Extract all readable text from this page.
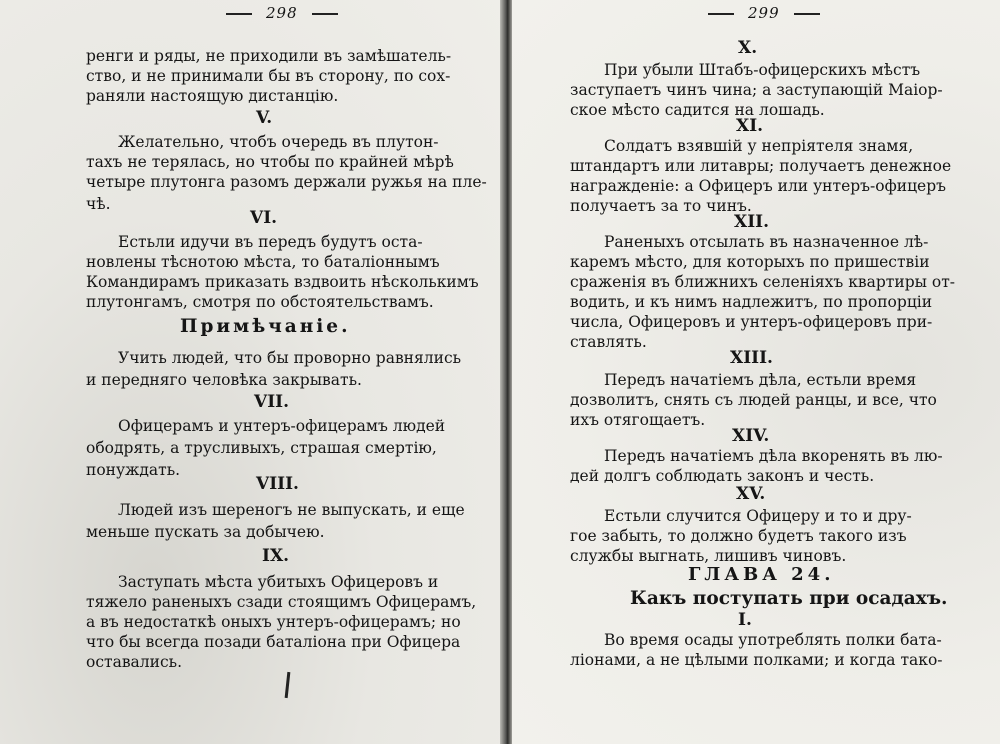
298
ренги и ряды, не приходили въ замѣшатель-
ство, и не принимали бы въ сторону, по сох-
раняли настоящую дистанцію.
V.
Желательно, чтобъ очередь въ плутон-
тахъ не терялась, но чтобы по крайней мѣрѣ
четыре плутонга разомъ держали ружья на пле-
чѣ.
VI.
Естьли идучи въ передъ будутъ оста-
новлены тѣснотою мѣста, то баталіоннымъ
Командирамъ приказать вздвоить нѣсколькимъ
плутонгамъ, смотря по обстоятельствамъ.
Примѣчаніе.
Учить людей, что бы проворно равнялись
и передняго человѣка закрывать.
VII.
Офицерамъ и унтеръ-офицерамъ людей
ободрять, а трусливыхъ, страшая смертію,
понуждать.
VIII.
Людей изъ шереногъ не выпускать, и еще
меньше пускать за добычею.
IX.
Заступать мѣста убитыхъ Офицеровъ и
тяжело раненыхъ сзади стоящимъ Офицерамъ,
а въ недостаткѣ оныхъ унтеръ-офицерамъ; но
что бы всегда позади баталіона при Офицера
оставались.
299
X.
При убыли Штабъ-офицерскихъ мѣстъ
заступаетъ чинъ чина; а заступающій Маіор-
ское мѣсто садится на лошадь.
XI.
Солдатъ взявшій у непріятеля знамя,
штандартъ или литавры; получаетъ денежное
награжденіе: а Офицеръ или унтеръ-офицеръ
получаетъ за то чинъ.
XII.
Раненыхъ отсылать въ назначенное лѣ-
каремъ мѣсто, для которыхъ по пришествіи
сраженія въ ближнихъ селеніяхъ квартиры от-
водить, и къ нимъ надлежитъ, по пропорціи
числа, Офицеровъ и унтеръ-офицеровъ при-
ставлять.
XIII.
Передъ начатіемъ дѣла, естьли время
дозволитъ, снять съ людей ранцы, и все, что
ихъ отягощаетъ.
XIV.
Передъ начатіемъ дѣла вкоренять въ лю-
дей долгъ соблюдать законъ и честь.
XV.
Естьли случится Офицеру и то и дру-
гое забыть, то должно будетъ такого изъ
службы выгнать, лишивъ чиновъ.
ГЛАВА 24.
Какъ поступать при осадахъ.
I.
Во время осады употреблять полки бата-
ліонами, а не цѣлыми полками; и когда тако-
